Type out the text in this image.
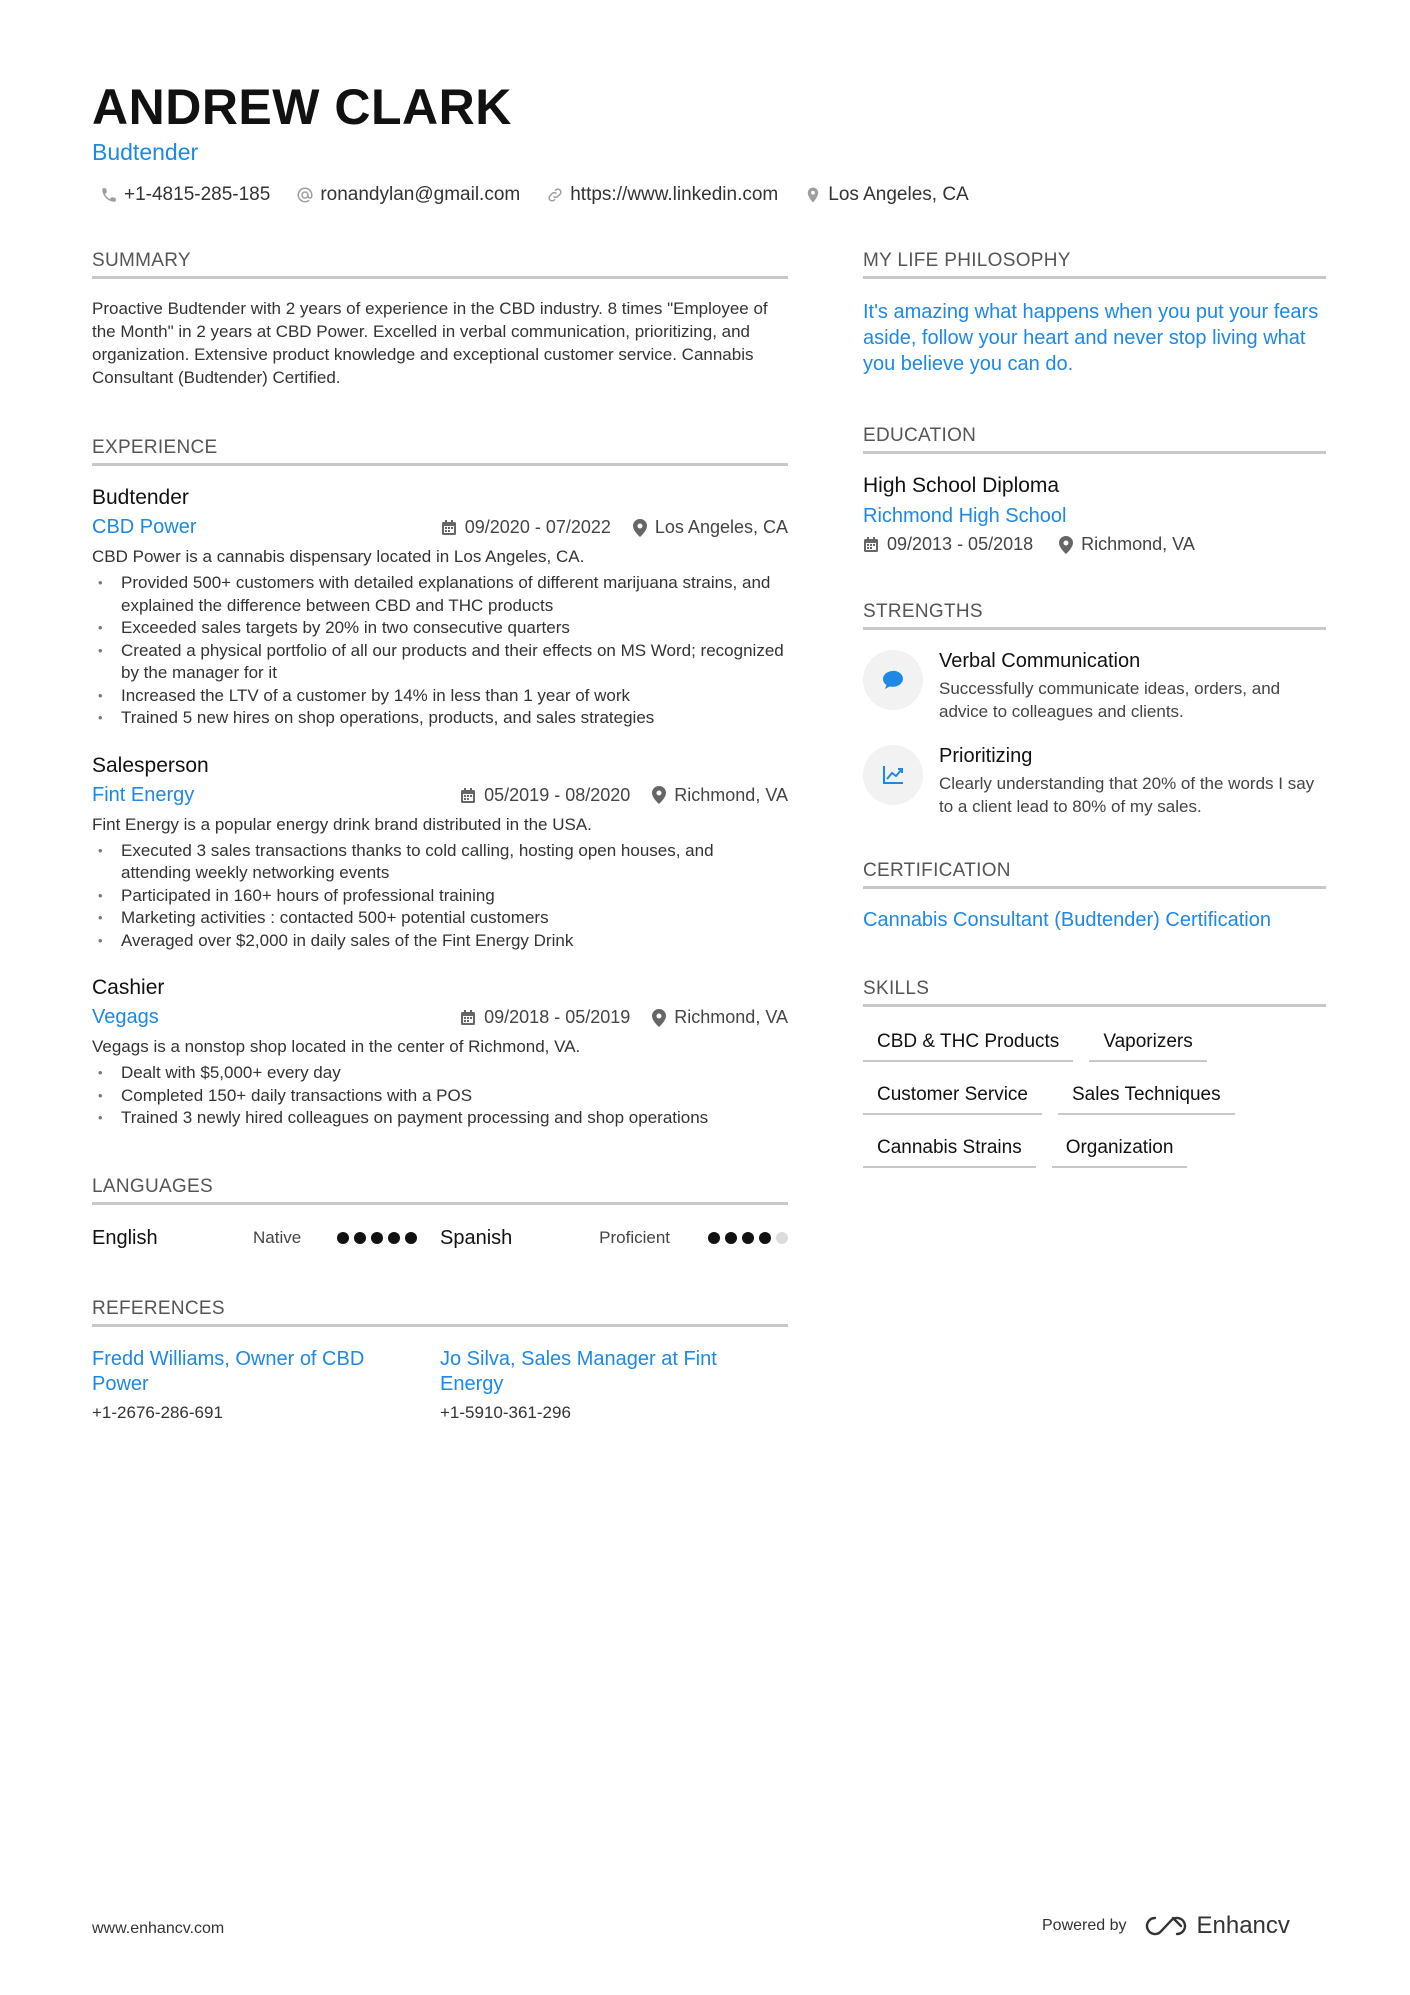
ANDREW CLARK
Budtender
+1-4815-285-185	ronandylan@gmail.com	https://www.linkedin.com	Los Angeles, CA
SUMMARY
Proactive Budtender with 2 years of experience in the CBD industry. 8 times "Employee of the Month" in 2 years at CBD Power. Excelled in verbal communication, prioritizing, and organization. Extensive product knowledge and exceptional customer service. Cannabis Consultant (Budtender) Certified.
EXPERIENCE
Budtender
CBD Power	09/2020 - 07/2022 Los Angeles, CA
CBD Power is a cannabis dispensary located in Los Angeles, CA.
• Provided 500+ customers with detailed explanations of different marijuana strains, and explained the difference between CBD and THC products
• Exceeded sales targets by 20% in two consecutive quarters
• Created a physical portfolio of all our products and their effects on MS Word; recognized by the manager for it
• Increased the LTV of a customer by 14% in less than 1 year of work
• Trained 5 new hires on shop operations, products, and sales strategies
Salesperson
Fint Energy	05/2019 - 08/2020 Richmond, VA
Fint Energy is a popular energy drink brand distributed in the USA.
• Executed 3 sales transactions thanks to cold calling, hosting open houses, and attending weekly networking events
• Participated in 160+ hours of professional training
• Marketing activities : contacted 500+ potential customers
• Averaged over $2,000 in daily sales of the Fint Energy Drink
Cashier
Vegags	09/2018 - 05/2019 Richmond, VA
Vegags is a nonstop shop located in the center of Richmond, VA.
• Dealt with $5,000+ every day
• Completed 150+ daily transactions with a POS
• Trained 3 newly hired colleagues on payment processing and shop operations
LANGUAGES
English	Native	Spanish	Proficient
REFERENCES
Fredd Williams, Owner of CBD Power
+1-2676-286-691
Jo Silva, Sales Manager at Fint Energy
+1-5910-361-296
MY LIFE PHILOSOPHY
It's amazing what happens when you put your fears aside, follow your heart and never stop living what you believe you can do.
EDUCATION
High School Diploma
Richmond High School
09/2013 - 05/2018	Richmond, VA
STRENGTHS
Verbal Communication
Successfully communicate ideas, orders, and advice to colleagues and clients.
Prioritizing
Clearly understanding that 20% of the words I say to a client lead to 80% of my sales.
CERTIFICATION
Cannabis Consultant (Budtender) Certification
SKILLS
CBD & THC Products	Vaporizers
Customer Service	Sales Techniques
Cannabis Strains	Organization
www.enhancv.com	Powered by	Enhancv
